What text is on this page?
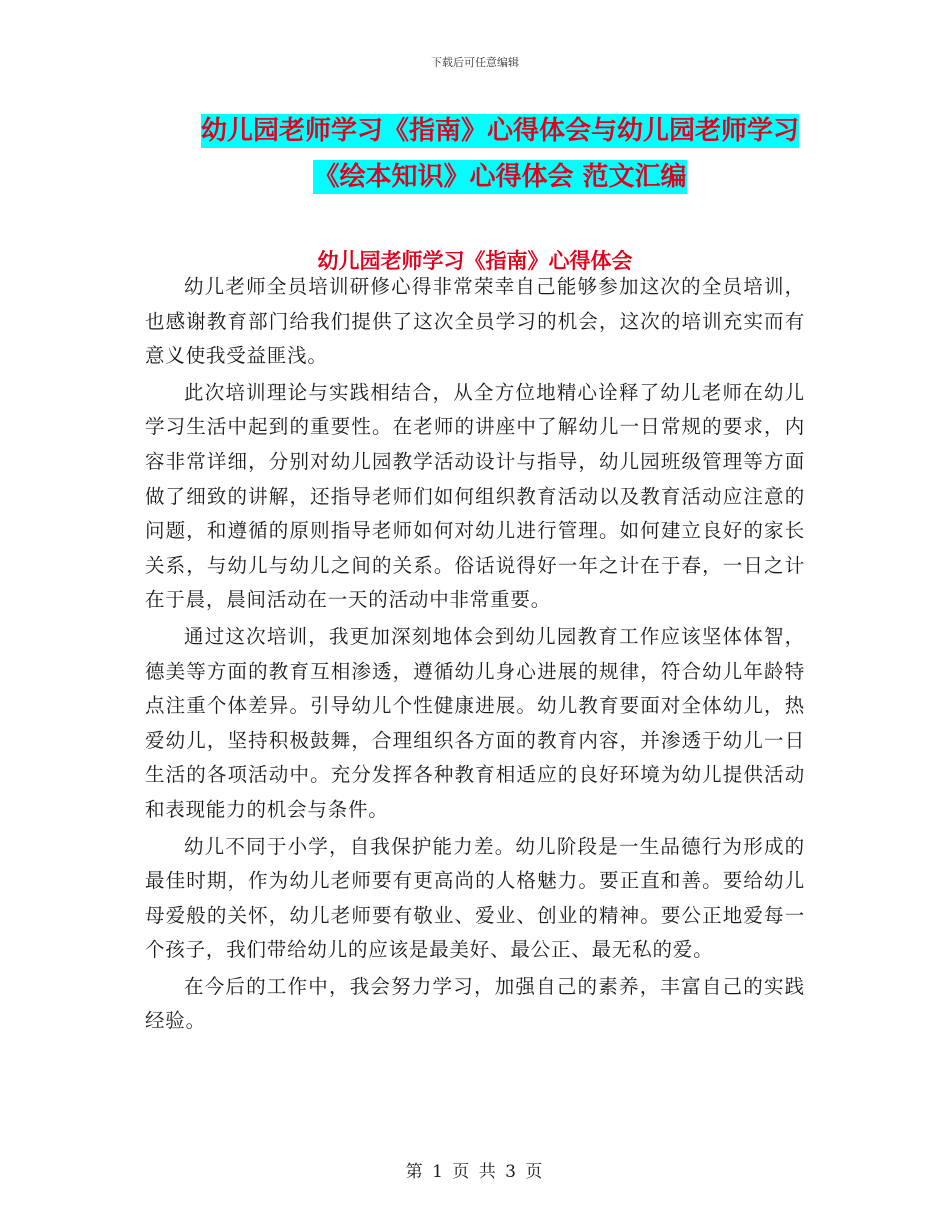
下载后可任意编辑
幼儿园老师学习《指南》心得体会与幼儿园老师学习
《绘本知识》心得体会 范文汇编
幼儿园老师学习《指南》心得体会

幼儿老师全员培训研修心得非常荣幸自己能够参加这次的全员培训，也感谢教育部门给我们提供了这次全员学习的机会，这次的培训充实而有意义使我受益匪浅。

此次培训理论与实践相结合，从全方位地精心诠释了幼儿老师在幼儿学习生活中起到的重要性。在老师的讲座中了解幼儿一日常规的要求，内容非常详细，分别对幼儿园教学活动设计与指导，幼儿园班级管理等方面做了细致的讲解，还指导老师们如何组织教育活动以及教育活动应注意的问题，和遵循的原则指导老师如何对幼儿进行管理。如何建立良好的家长关系，与幼儿与幼儿之间的关系。俗话说得好一年之计在于春，一日之计在于晨，晨间活动在一天的活动中非常重要。

通过这次培训，我更加深刻地体会到幼儿园教育工作应该坚体体智，德美等方面的教育互相渗透，遵循幼儿身心进展的规律，符合幼儿年龄特点注重个体差异。引导幼儿个性健康进展。幼儿教育要面对全体幼儿，热爱幼儿，坚持积极鼓舞，合理组织各方面的教育内容，并渗透于幼儿一日生活的各项活动中。充分发挥各种教育相适应的良好环境为幼儿提供活动和表现能力的机会与条件。

幼儿不同于小学，自我保护能力差。幼儿阶段是一生品德行为形成的最佳时期，作为幼儿老师要有更高尚的人格魅力。要正直和善。要给幼儿母爱般的关怀，幼儿老师要有敬业、爱业、创业的精神。要公正地爱每一个孩子，我们带给幼儿的应该是最美好、最公正、最无私的爱。

在今后的工作中，我会努力学习，加强自己的素养，丰富自己的实践经验。

第 1 页 共 3 页
